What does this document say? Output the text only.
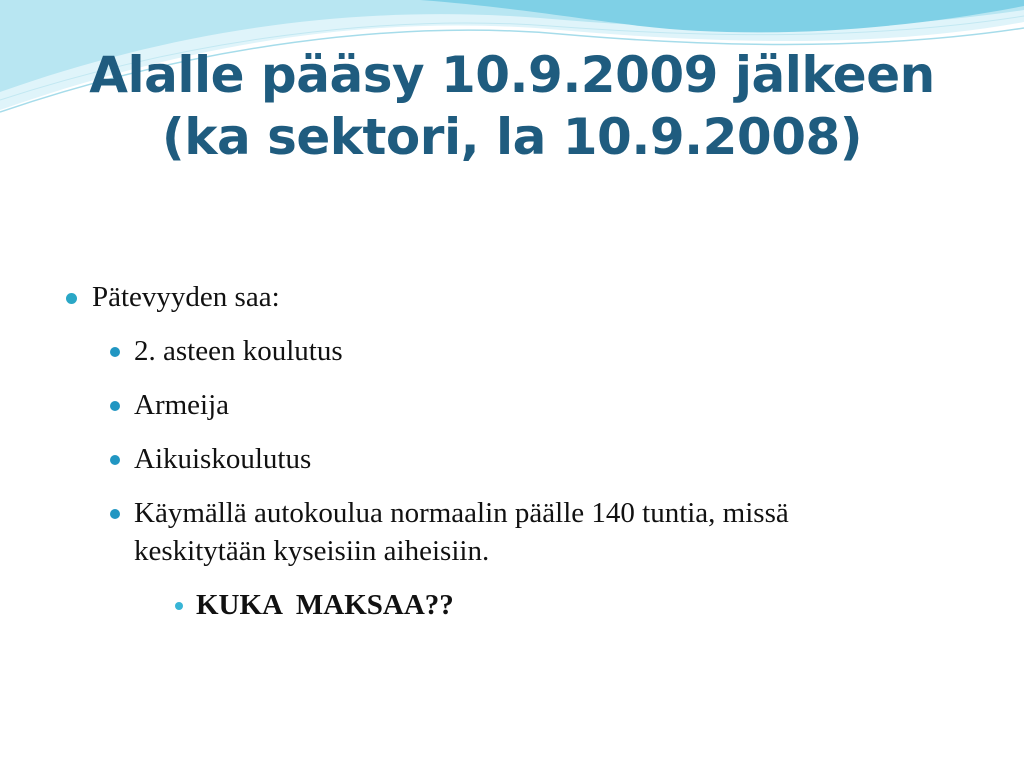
Alalle pääsy 10.9.2009 jälkeen
(ka sektori, la 10.9.2008)
Pätevyyden saa:
2. asteen koulutus
Armeija
Aikuiskoulutus
Käymällä autokoulua normaalin päälle 140 tuntia, missä keskitytään kyseisiin aiheisiin.
KUKA  MAKSAA??
